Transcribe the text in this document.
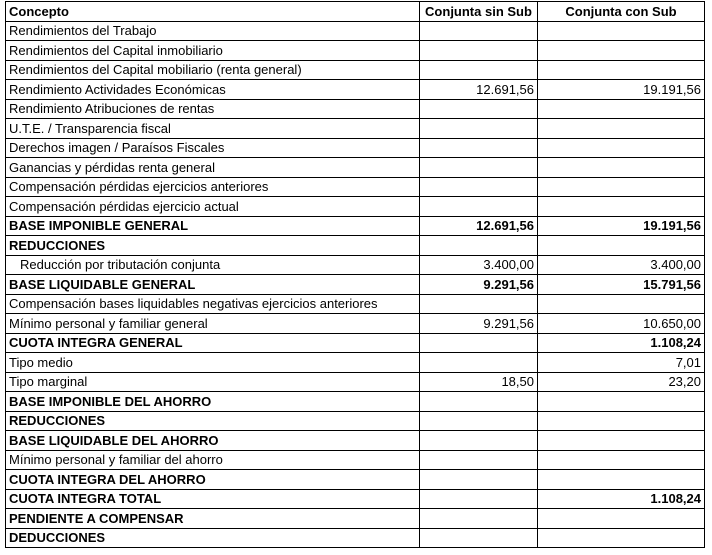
Concepto	Conjunta sin Sub	Conjunta con Sub
Rendimientos del Trabajo		
Rendimientos del Capital inmobiliario		
Rendimientos del Capital mobiliario (renta general)		
Rendimiento Actividades Económicas	12.691,56	19.191,56
Rendimiento Atribuciones de rentas		
U.T.E. / Transparencia fiscal		
Derechos imagen / Paraísos Fiscales		
Ganancias y pérdidas renta general		
Compensación pérdidas ejercicios anteriores		
Compensación pérdidas ejercicio actual		
BASE IMPONIBLE GENERAL	12.691,56	19.191,56
REDUCCIONES		
Reducción por tributación conjunta	3.400,00	3.400,00
BASE LIQUIDABLE GENERAL	9.291,56	15.791,56
Compensación bases liquidables negativas ejercicios anteriores		
Mínimo personal y familiar general	9.291,56	10.650,00
CUOTA INTEGRA GENERAL		1.108,24
Tipo medio		7,01
Tipo marginal	18,50	23,20
BASE IMPONIBLE DEL AHORRO		
REDUCCIONES		
BASE LIQUIDABLE DEL AHORRO		
Mínimo personal y familiar del ahorro		
CUOTA INTEGRA DEL AHORRO		
CUOTA INTEGRA TOTAL		1.108,24
PENDIENTE A COMPENSAR		
DEDUCCIONES		
